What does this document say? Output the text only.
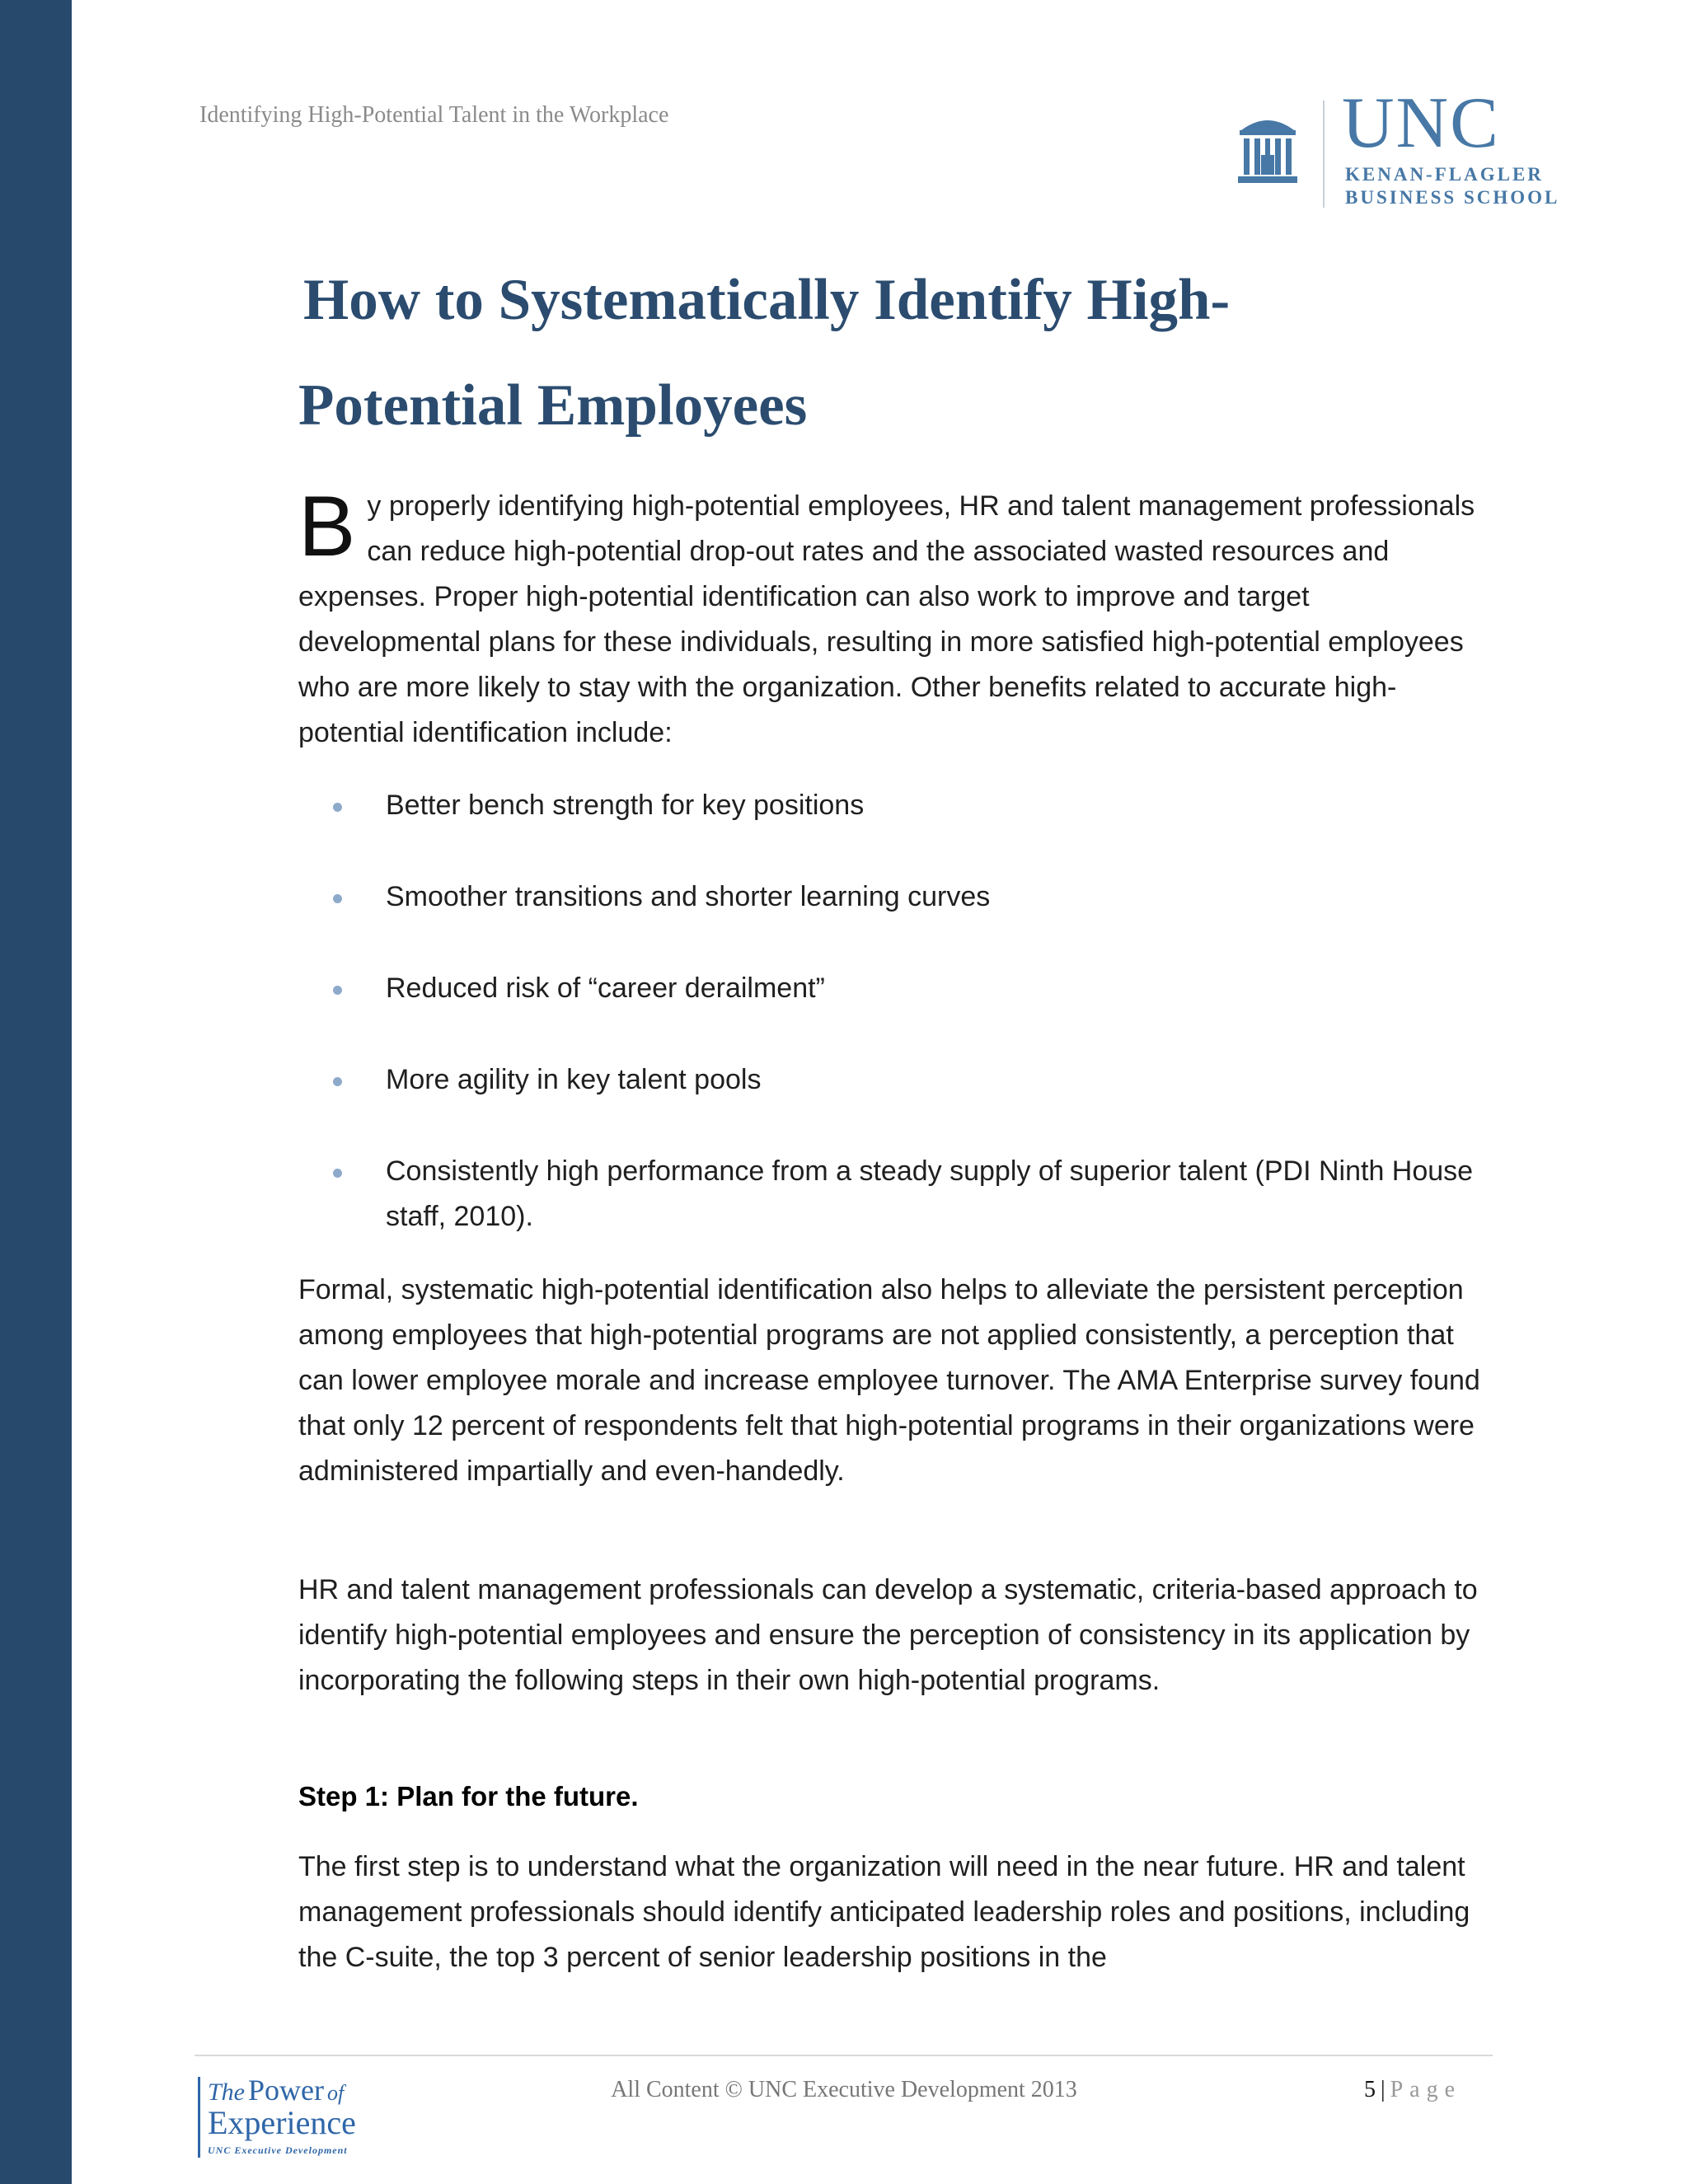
Identifying High-Potential Talent in the Workplace	UNC
KENAN-FLAGLER
BUSINESS SCHOOL
How to Systematically Identify High-
Potential Employees

By properly identifying high-potential employees, HR and talent management professionals can reduce high-potential drop-out rates and the associated wasted resources and expenses. Proper high-potential identification can also work to improve and target developmental plans for these individuals, resulting in more satisfied high-potential employees who are more likely to stay with the organization. Other benefits related to accurate high-potential identification include:

Better bench strength for key positions
Smoother transitions and shorter learning curves
Reduced risk of “career derailment”
More agility in key talent pools
Consistently high performance from a steady supply of superior talent (PDI Ninth House staff, 2010).

Formal, systematic high-potential identification also helps to alleviate the persistent perception among employees that high-potential programs are not applied consistently, a perception that can lower employee morale and increase employee turnover. The AMA Enterprise survey found that only 12 percent of respondents felt that high-potential programs in their organizations were administered impartially and even-handedly.

HR and talent management professionals can develop a systematic, criteria-based approach to identify high-potential employees and ensure the perception of consistency in its application by incorporating the following steps in their own high-potential programs.

Step 1: Plan for the future.

The first step is to understand what the organization will need in the near future. HR and talent management professionals should identify anticipated leadership roles and positions, including the C-suite, the top 3 percent of senior leadership positions in the

The Power of
Experience
UNC Executive Development
All Content © UNC Executive Development 2013	5 | Page
